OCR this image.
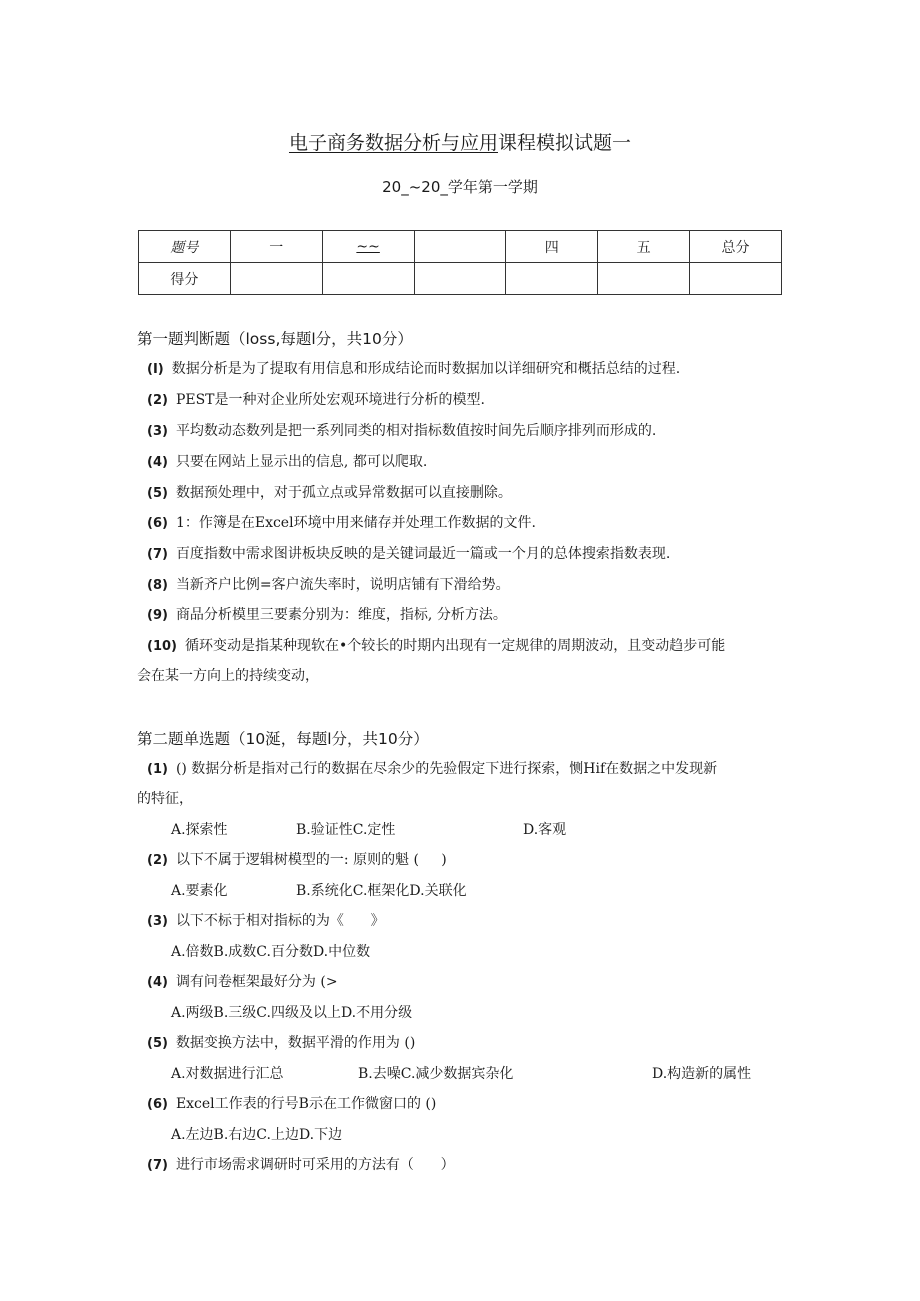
电子商务数据分析与应用课程模拟试题一
20_~20_学年第一学期
题号	一	~~		四	五	总分
得分						
第一题判断题（loss,每题l分，共10分）
(I) 数据分析是为了提取有用信息和形成结论而时数据加以详细研究和概括总结的过程.
(2) PEST是一种对企业所处宏观环境进行分析的模型.
(3) 平均数动态数列是把一系列同类的相对指标数值按时间先后顺序排列而形成的.
(4) 只要在网站上显示出的信息, 都可以爬取.
(5) 数据预处理中，对于孤立点或异常数据可以直接删除。
(6) 1：作簿是在Excel环境中用来储存并处理工作数据的文件.
(7) 百度指数中需求图讲板块反映的是关键词最近一篇或一个月的总体搜索指数表现.
(8) 当新齐户比例=客户流失率时，说明店铺有下滑给势。
(9) 商品分析模里三要素分别为：维度，指标, 分析方法。
(10) 循环变动是指某种现软在•个较长的时期内出现有一定规律的周期波动，且变动趋步可能
会在某一方向上的持续变动，
第二题单选题（10涎，每题l分，共10分）
(1) () 数据分析是指对己行的数据在尽余少的先验假定下进行探索，恻Hif在数据之中发现新
的特征，
A.探索性	B.验证性C.定性	D.客观
(2) 以下不属于逻辑树模型的一: 原则的魁 (     )
A.要素化	B.系统化C.框架化D.关联化
(3) 以下不标于相对指标的为《      》
A.倍数B.成数C.百分数D.中位数
(4) 调有问卷框架最好分为 (>
A.两级B.三级C.四级及以上D.不用分级
(5) 数据变换方法中，数据平滑的作用为 ()
A.对数据进行汇总	B.去噪C.减少数据宾杂化	D.构造新的属性
(6) Excel工作表的行号B示在工作微窗口的 ()
A.左边B.右边C.上边D.下边
(7) 进行市场需求调研时可采用的方法有（      ）
